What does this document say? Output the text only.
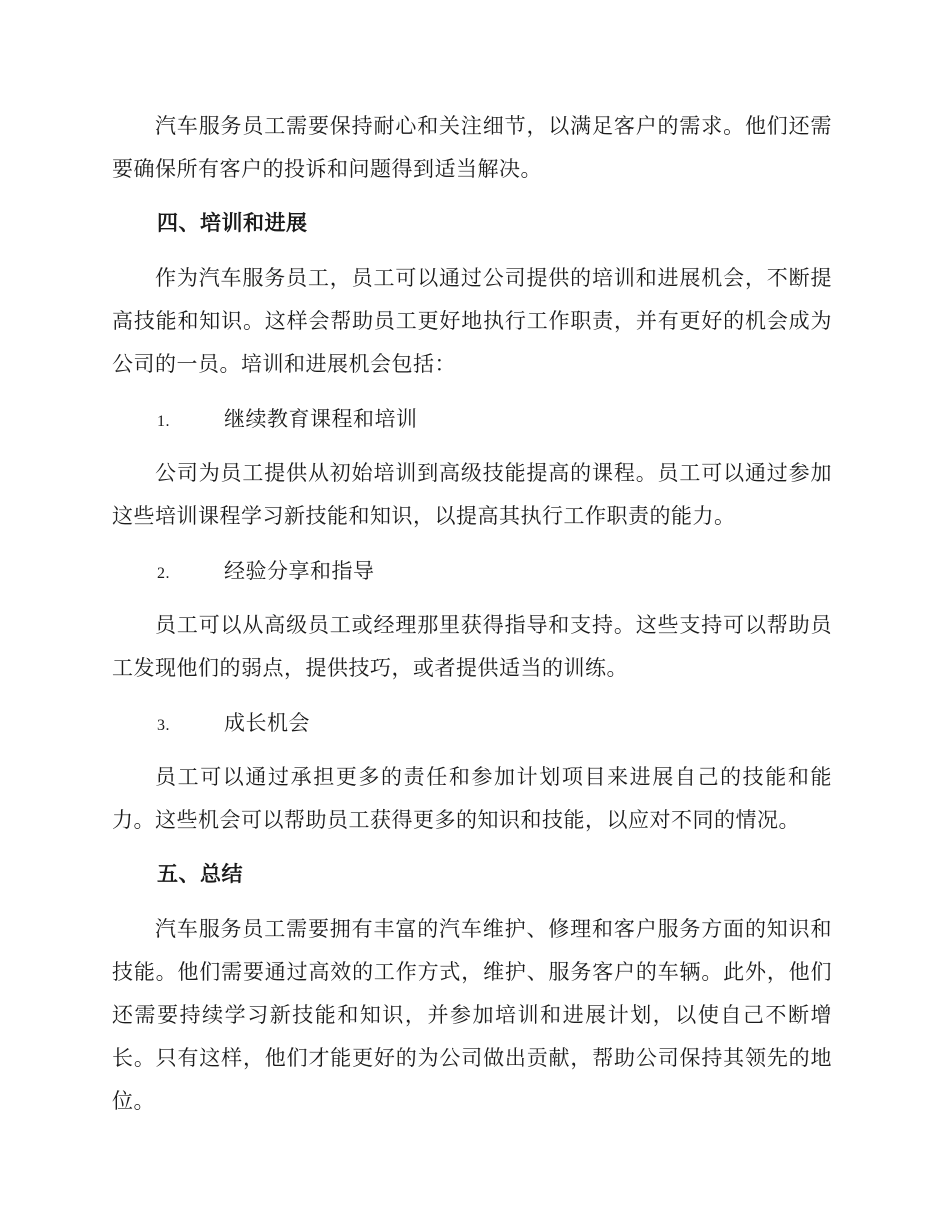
汽车服务员工需要保持耐心和关注细节，以满足客户的需求。他们还需要确保所有客户的投诉和问题得到适当解决。

四、培训和进展

作为汽车服务员工，员工可以通过公司提供的培训和进展机会，不断提高技能和知识。这样会帮助员工更好地执行工作职责，并有更好的机会成为公司的一员。培训和进展机会包括：

1.	继续教育课程和培训

公司为员工提供从初始培训到高级技能提高的课程。员工可以通过参加这些培训课程学习新技能和知识，以提高其执行工作职责的能力。

2.	经验分享和指导

员工可以从高级员工或经理那里获得指导和支持。这些支持可以帮助员工发现他们的弱点，提供技巧，或者提供适当的训练。

3.	成长机会

员工可以通过承担更多的责任和参加计划项目来进展自己的技能和能力。这些机会可以帮助员工获得更多的知识和技能，以应对不同的情况。

五、总结

汽车服务员工需要拥有丰富的汽车维护、修理和客户服务方面的知识和技能。他们需要通过高效的工作方式，维护、服务客户的车辆。此外，他们还需要持续学习新技能和知识，并参加培训和进展计划，以使自己不断增长。只有这样，他们才能更好的为公司做出贡献，帮助公司保持其领先的地位。
